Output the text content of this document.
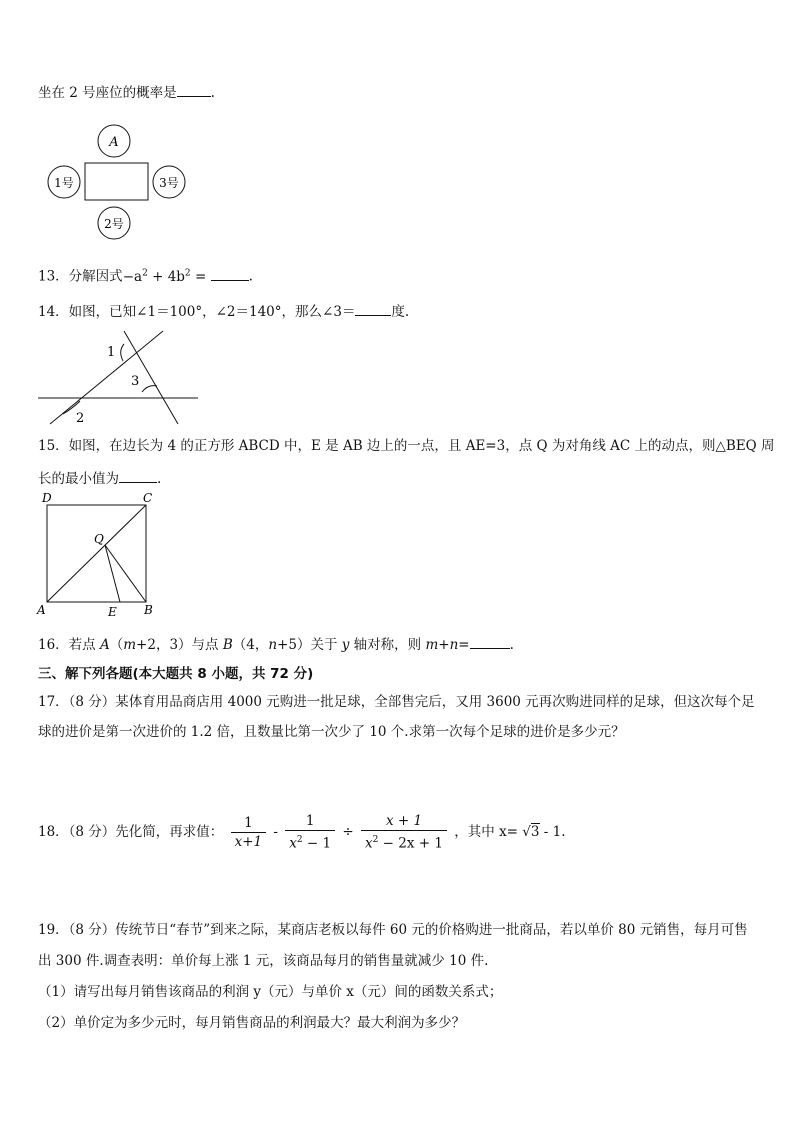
坐在 2 号座位的概率是	.
A
1号	3号
2号
13．分解因式$-a^2 + 4b^2$ =	.
14．如图，已知∠1＝100°，∠2＝140°，那么∠3＝	度.
1
3
2
15．如图，在边长为 4 的正方形 ABCD 中，E 是 AB 边上的一点，且 AE=3，点 Q 为对角线 AC 上的动点，则△BEQ 周
长的最小值为	.
D	C
Q
A	E B
16．若点 A（m+2，3）与点 B（4，n+5）关于 y 轴对称，则 m+n=	.
三、解下列各题(本大题共 8 小题，共 72 分)
17．（8 分）某体育用品商店用 4000 元购进一批足球，全部售完后，又用 3600 元再次购进同样的足球，但这次每个足
球的进价是第一次进价的 1.2 倍，且数量比第一次少了 10 个.求第一次每个足球的进价是多少元？
18．（8 分）先化简，再求值： $\frac{1}{x+1} - \frac{1}{x^2 - 1} \div \frac{x + 1}{x^2 - 2x + 1}$ ，其中 x= √3 - 1.
19．（8 分）传统节日“春节”到来之际，某商店老板以每件 60 元的价格购进一批商品，若以单价 80 元销售，每月可售
出 300 件.调查表明：单价每上涨 1 元，该商品每月的销售量就减少 10 件.
（1）请写出每月销售该商品的利润 y（元）与单价 x（元）间的函数关系式；
（2）单价定为多少元时，每月销售商品的利润最大？最大利润为多少？
